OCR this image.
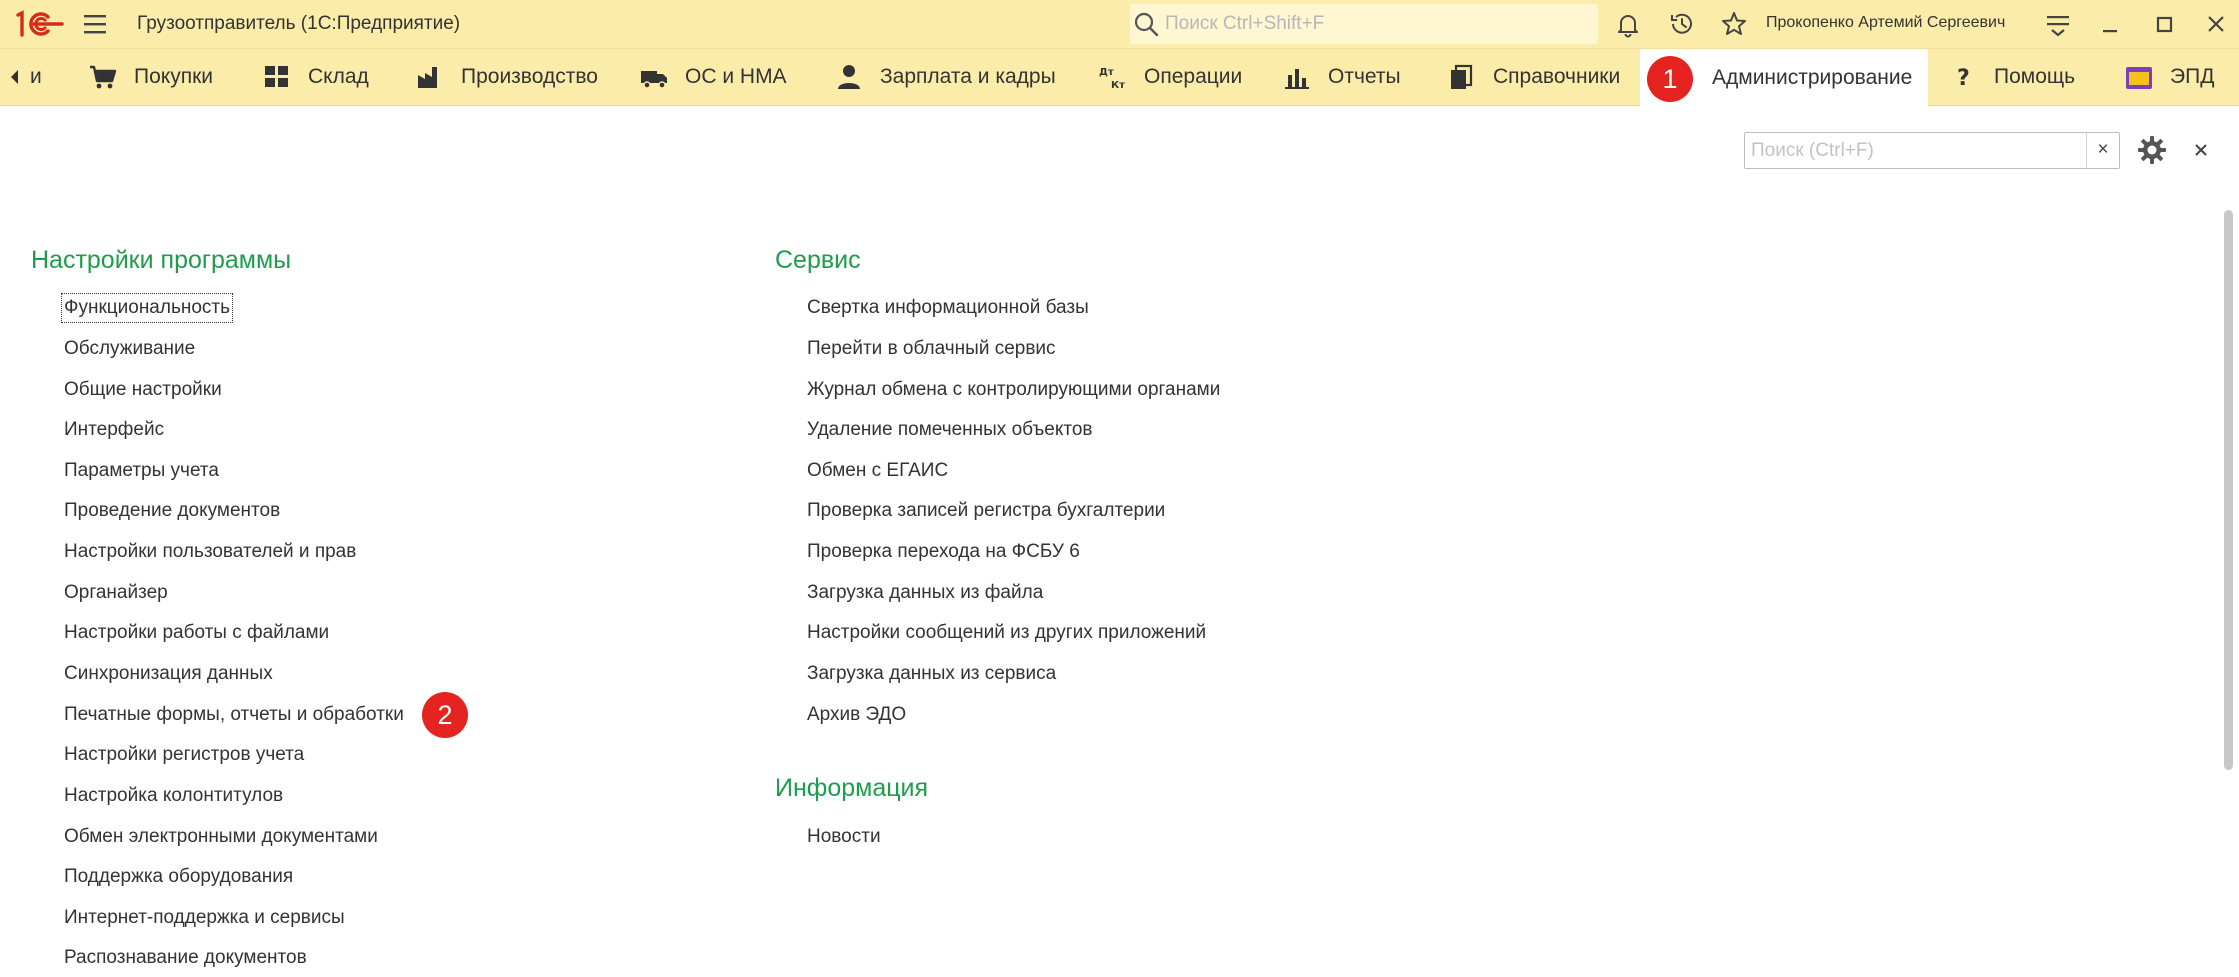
Грузоотправитель (1С:Предприятие)	Поиск Ctrl+Shift+F	Прокопенко Артемий Сергеевич
и	Покупки	Склад	Производство	ОС и НМА	Зарплата и кадры	Дт
Кт Операции	Отчеты	Справочники	Администрирование ? Помощь	ЭПД
1
Поиск (Ctrl+F)	×
Настройки программы
Функциональность
Обслуживание
Общие настройки
Интерфейс
Параметры учета
Проведение документов
Настройки пользователей и прав
Органайзер
Настройки работы с файлами
Синхронизация данных
Печатные формы, отчеты и обработки
Настройки регистров учета
Настройка колонтитулов
Обмен электронными документами
Поддержка оборудования
Интернет-поддержка и сервисы
Распознавание документов
2
Сервис
Свертка информационной базы
Перейти в облачный сервис
Журнал обмена с контролирующими органами
Удаление помеченных объектов
Обмен с ЕГАИС
Проверка записей регистра бухгалтерии
Проверка перехода на ФСБУ 6
Загрузка данных из файла
Настройки сообщений из других приложений
Загрузка данных из сервиса
Архив ЭДО
Информация
Новости
